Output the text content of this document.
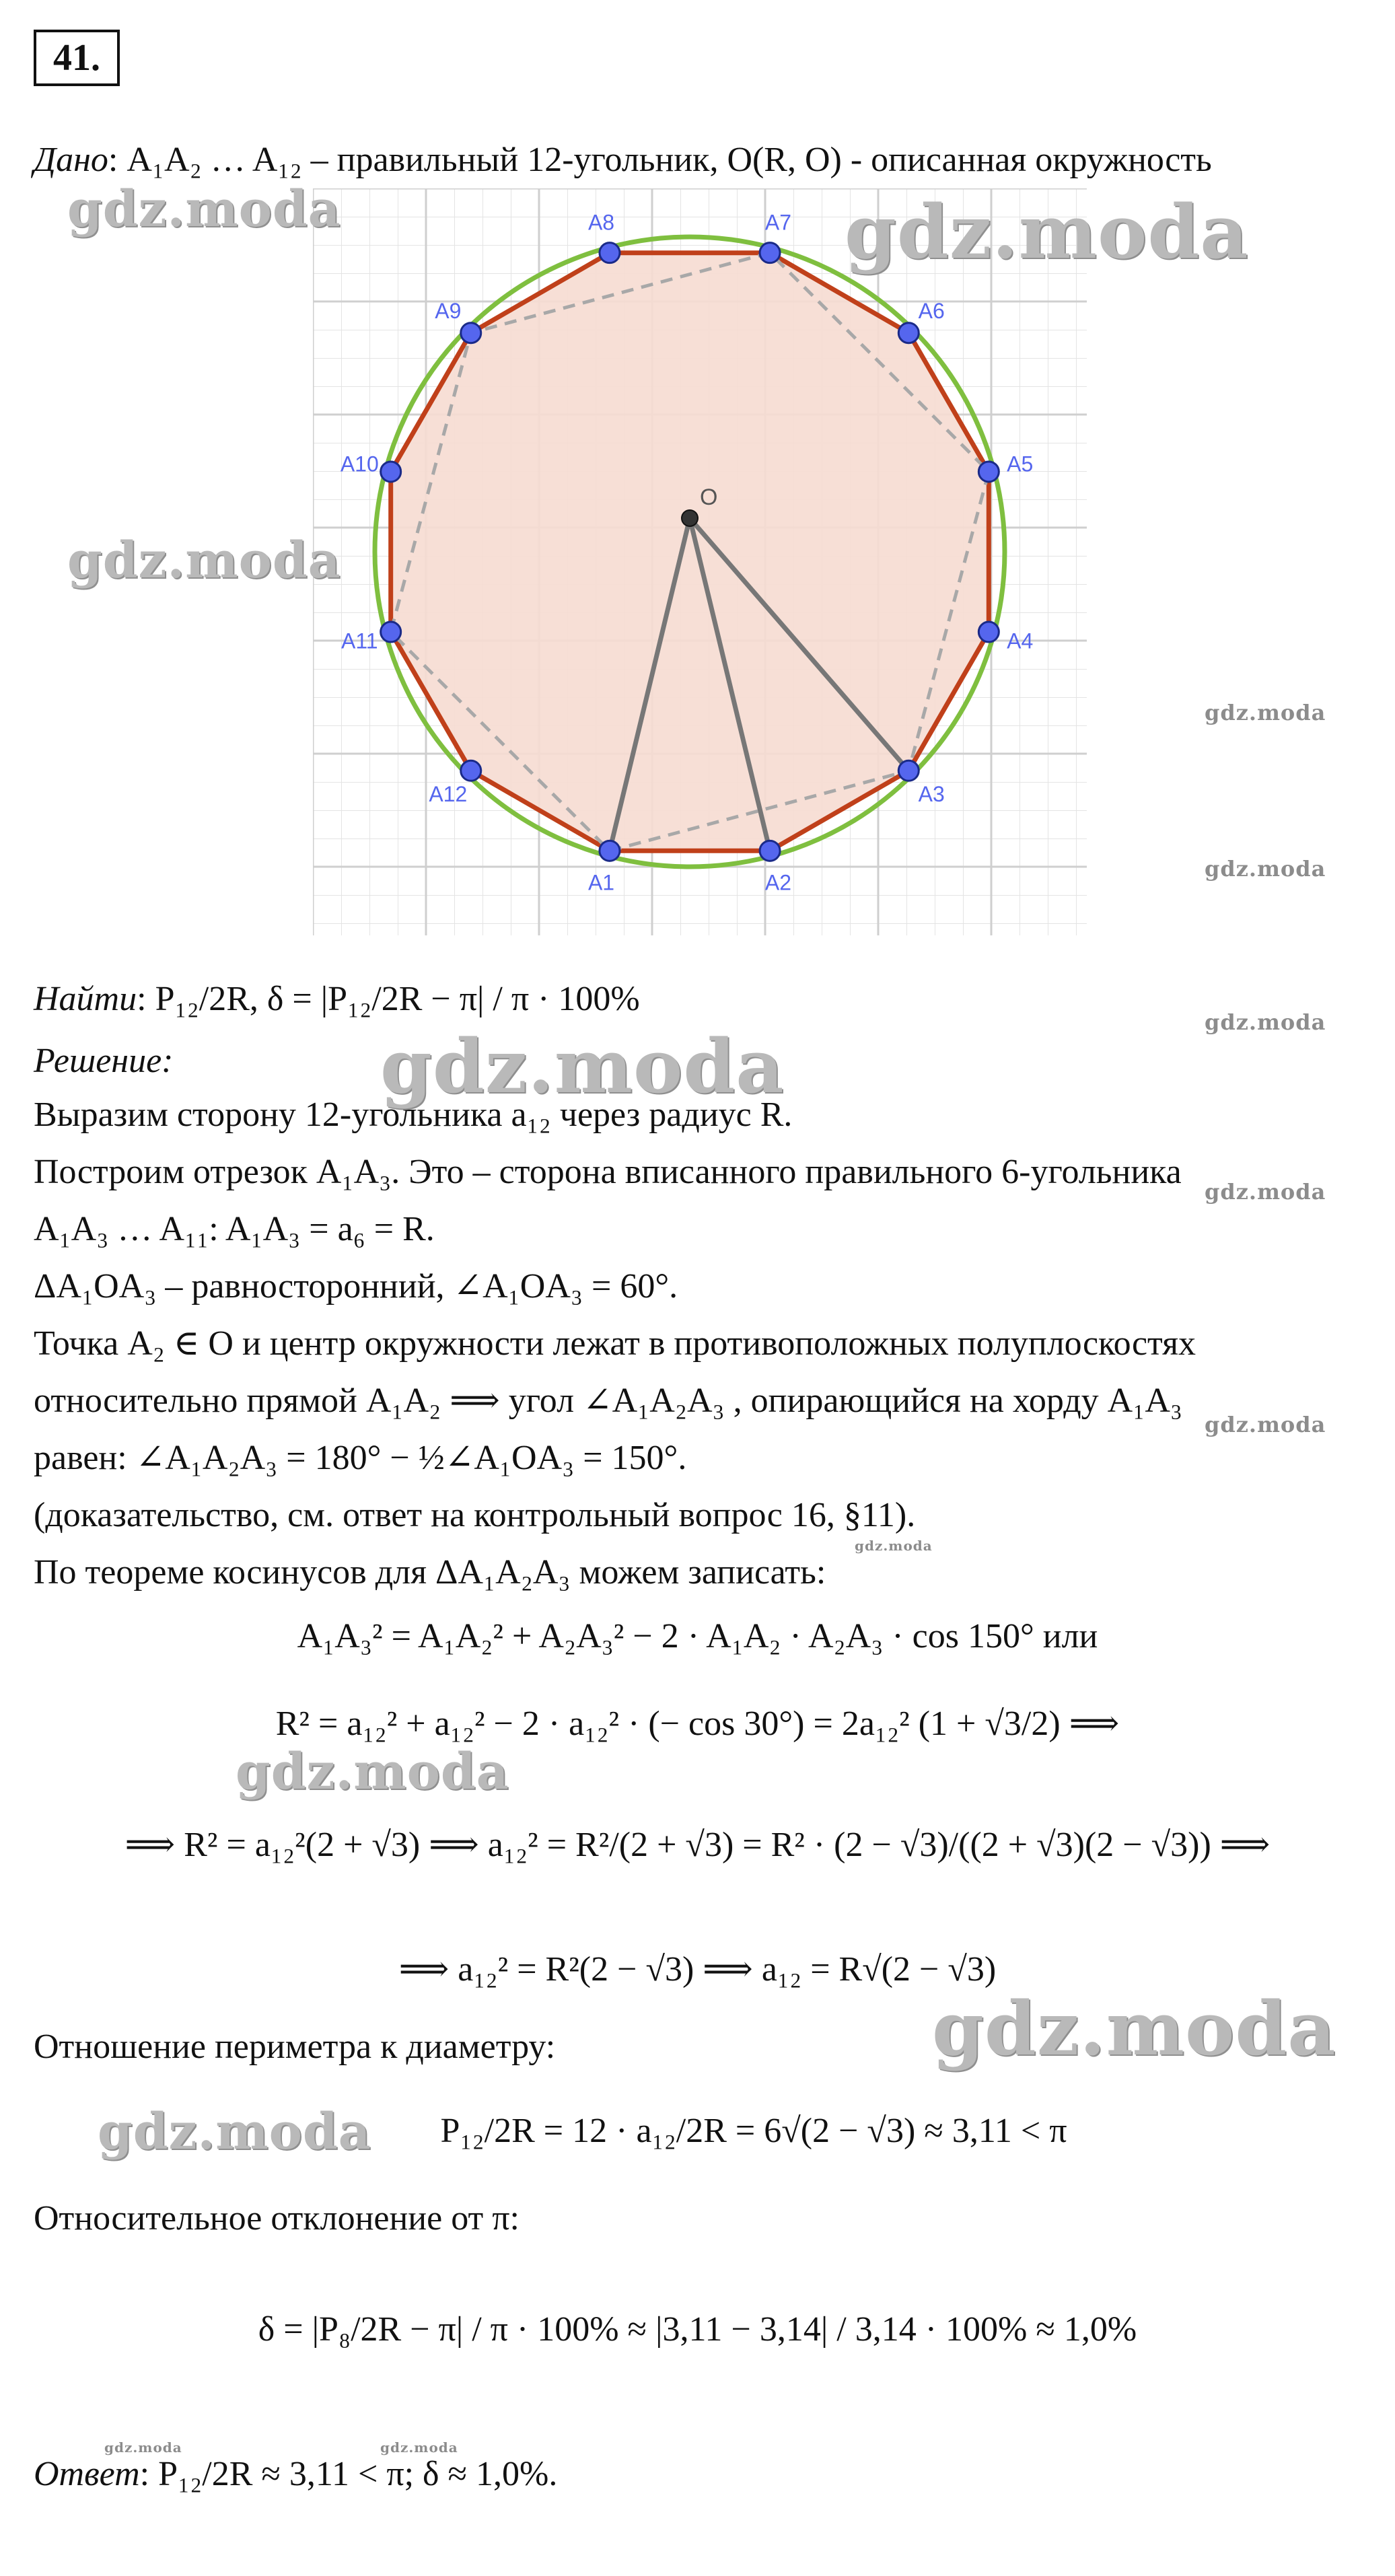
41.
Дано: A₁A₂ … A₁₂ – правильный 12-угольник, O(R, O) - описанная окружность
A1	A2
A3
A4
A5
A6
A7
A8
A9
A10
A11
A12
O
Найти: P₁₂/2R, δ = |P₁₂/2R − π| / π · 100%
Решение:
Выразим сторону 12-угольника a₁₂ через радиус R.
Построим отрезок A₁A₃. Это – сторона вписанного правильного 6-угольника
A₁A₃ … A₁₁: A₁A₃ = a₆ = R.
ΔA₁OA₃ – равносторонний, ∠A₁OA₃ = 60°.
Точка A₂ ∈ O и центр окружности лежат в противоположных полуплоскостях
относительно прямой A₁A₂ ⟹ угол ∠A₁A₂A₃ , опирающийся на хорду A₁A₃
равен: ∠A₁A₂A₃ = 180° − ½∠A₁OA₃ = 150°.
(доказательство, см. ответ на контрольный вопрос 16, §11).
По теореме косинусов для ΔA₁A₂A₃ можем записать:
A₁A₃² = A₁A₂² + A₂A₃² − 2 · A₁A₂ · A₂A₃ · cos 150° или
R² = a₁₂² + a₁₂² − 2 · a₁₂² · (− cos 30°) = 2a₁₂² (1 + √3/2) ⟹
⟹ R² = a₁₂²(2 + √3) ⟹ a₁₂² = R²/(2 + √3) = R² · (2 − √3)/((2 + √3)(2 − √3)) ⟹
⟹ a₁₂² = R²(2 − √3) ⟹ a₁₂ = R√(2 − √3)
Отношение периметра к диаметру:
P₁₂/2R = 12 · a₁₂/2R = 6√(2 − √3) ≈ 3,11 < π
Относительное отклонение от π:
δ = |P₈/2R − π| / π · 100% ≈ |3,11 − 3,14| / 3,14 · 100% ≈ 1,0%
Ответ: P₁₂/2R ≈ 3,11 < π; δ ≈ 1,0%.
gdz.moda	gdz.moda
gdz.moda
gdz.moda
gdz.moda
gdz.moda
gdz.moda
gdz.moda
gdz.moda
gdz.moda
gdz.moda
gdz.moda
gdz.moda
gdz.moda	gdz.moda
